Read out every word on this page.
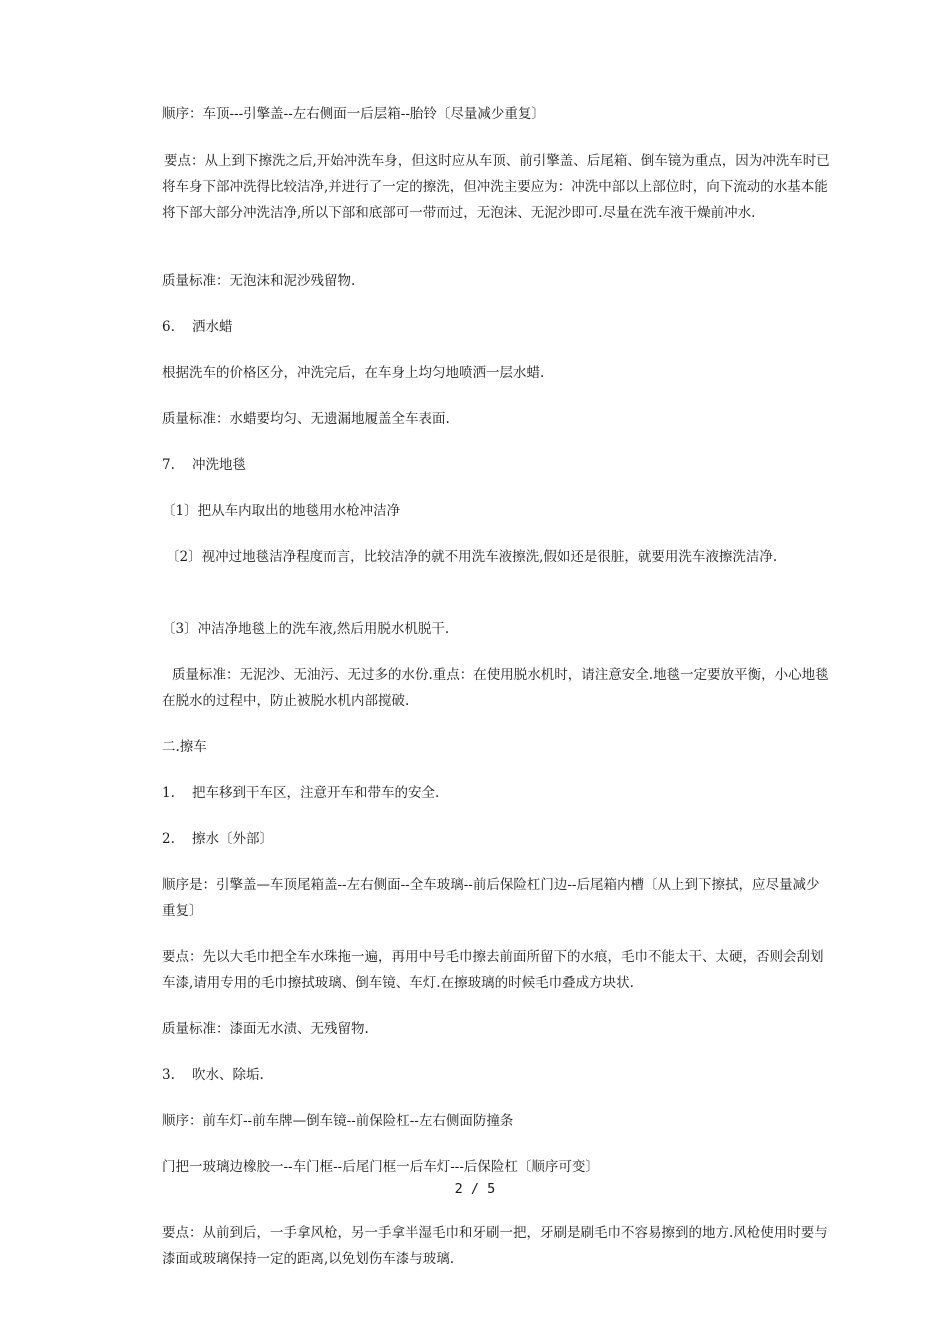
顺序：车顶---引擎盖--左右侧面一后层箱--胎铃〔尽量减少重复〕

要点：从上到下擦洗之后,开始冲洗车身，但这时应从车顶、前引擎盖、后尾箱、倒车镜为重点，因为冲洗车时已将车身下部冲洗得比较洁净,并进行了一定的擦洗，但冲洗主要应为：冲洗中部以上部位时，向下流动的水基本能将下部大部分冲洗洁净,所以下部和底部可一带而过，无泡沫、无泥沙即可.尽量在洗车液干燥前冲水.

质量标准：无泡沫和泥沙残留物.

6. 洒水蜡

根据洗车的价格区分，冲洗完后，在车身上均匀地喷洒一层水蜡.

质量标准：水蜡要均匀、无遗漏地履盖全车表面.

7. 冲洗地毯

〔1〕把从车内取出的地毯用水枪冲洁净

〔2〕视冲过地毯洁净程度而言，比较洁净的就不用洗车液擦洗,假如还是很脏，就要用洗车液擦洗洁净.

〔3〕冲洁净地毯上的洗车液,然后用脱水机脱干.

质量标准：无泥沙、无油污、无过多的水份.重点：在使用脱水机时，请注意安全.地毯一定要放平衡，小心地毯在脱水的过程中，防止被脱水机内部搅破.

二.擦车

1. 把车移到干车区，注意开车和带车的安全.

2. 擦水〔外部〕

顺序是：引擎盖—车顶尾箱盖--左右侧面--全车玻璃--前后保险杠门边--后尾箱内槽〔从上到下擦拭，应尽量减少重复〕

要点：先以大毛巾把全车水珠拖一遍，再用中号毛巾擦去前面所留下的水痕，毛巾不能太干、太硬，否则会刮划车漆,请用专用的毛巾擦拭玻璃、倒车镜、车灯.在擦玻璃的时候毛巾叠成方块状.

质量标准：漆面无水渍、无残留物.

3. 吹水、除垢.

顺序：前车灯--前车牌—倒车镜--前保险杠--左右侧面防撞条

门把一玻璃边橡胶一--车门框--后尾门框一后车灯---后保险杠〔顺序可变〕

2 / 5

要点：从前到后，一手拿风枪，另一手拿半湿毛巾和牙刷一把，牙刷是刷毛巾不容易擦到的地方.风枪使用时要与漆面或玻璃保持一定的距离,以免划伤车漆与玻璃.
